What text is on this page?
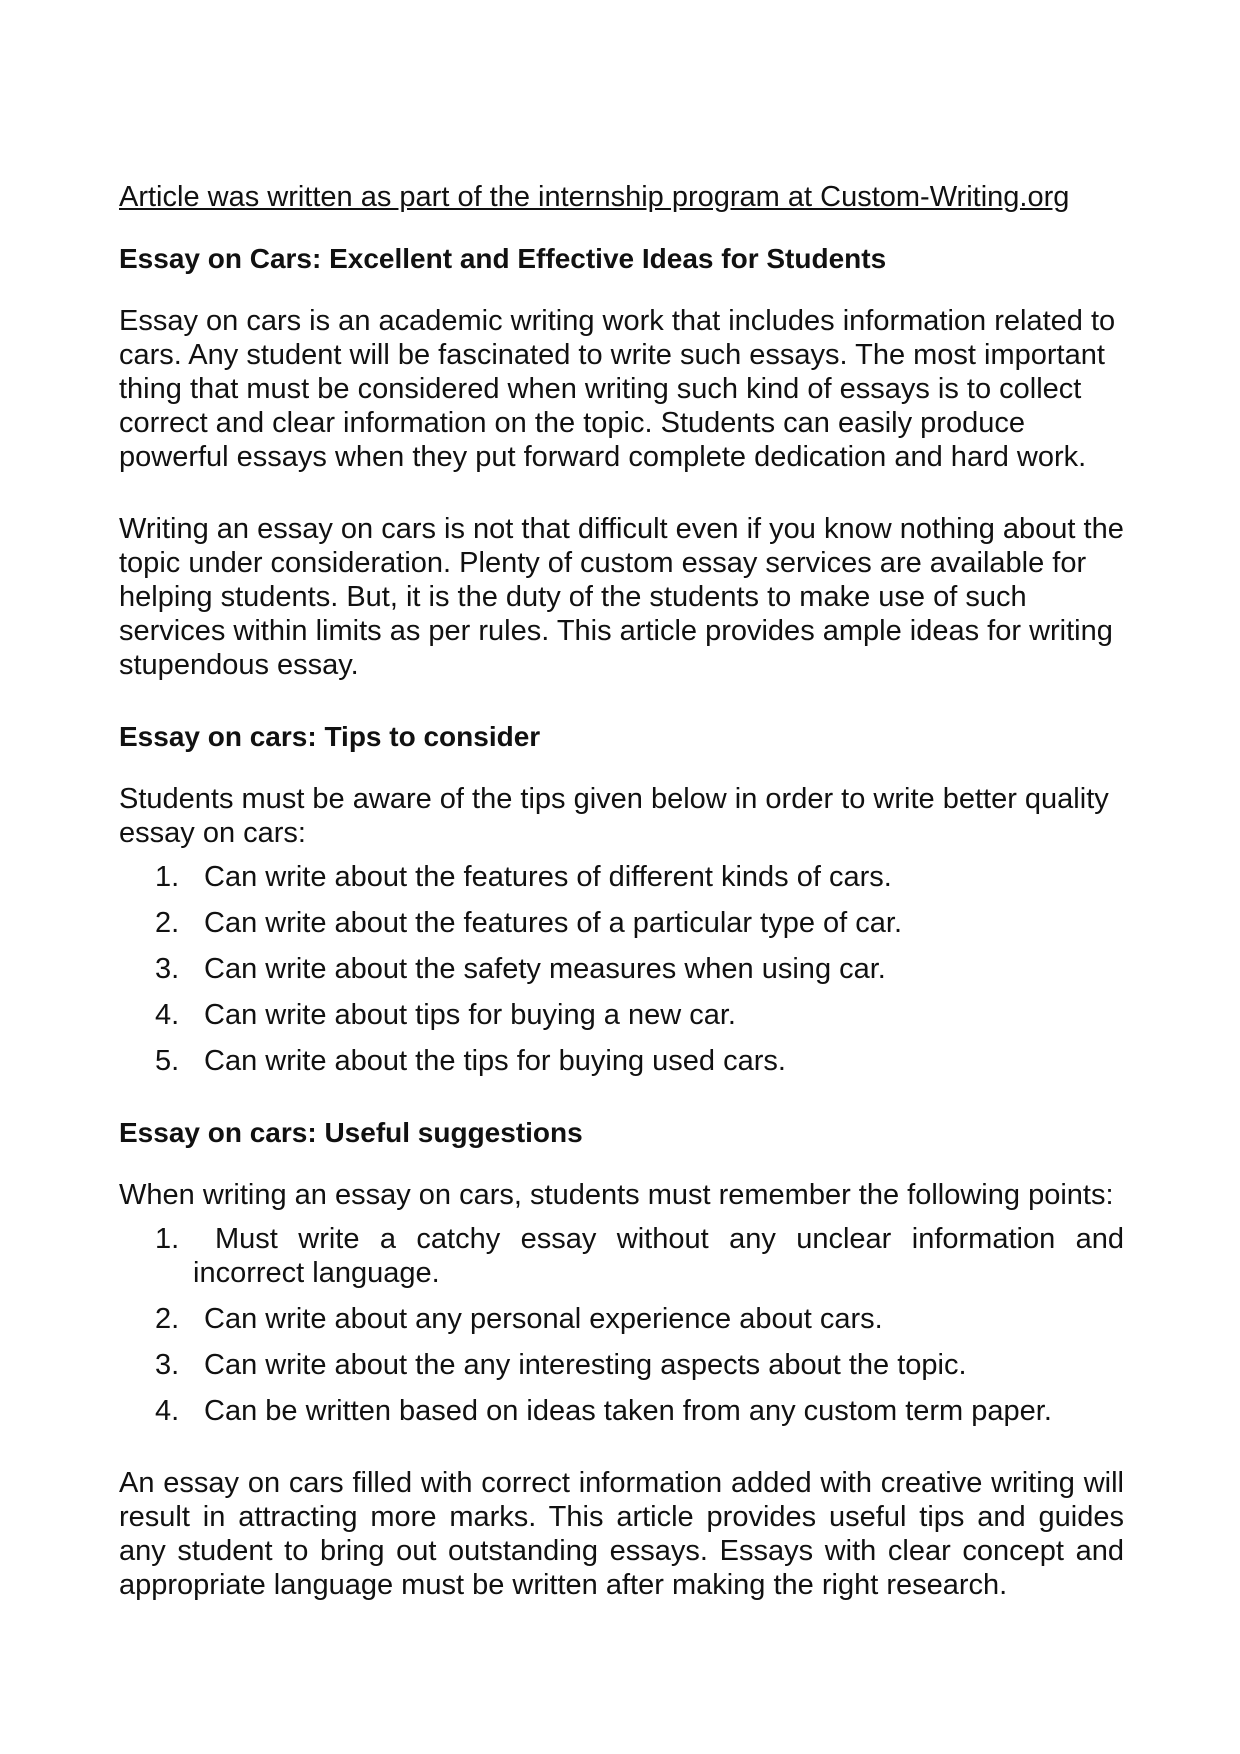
Article was written as part of the internship program at Custom-Writing.org
Essay on Cars: Excellent and Effective Ideas for Students

Essay on cars is an academic writing work that includes information related to cars. Any student will be fascinated to write such essays. The most important thing that must be considered when writing such kind of essays is to collect correct and clear information on the topic. Students can easily produce powerful essays when they put forward complete dedication and hard work.

Writing an essay on cars is not that difficult even if you know nothing about the topic under consideration. Plenty of custom essay services are available for helping students. But, it is the duty of the students to make use of such services within limits as per rules. This article provides ample ideas for writing stupendous essay.

Essay on cars: Tips to consider

Students must be aware of the tips given below in order to write better quality essay on cars:

1. Can write about the features of different kinds of cars.
2. Can write about the features of a particular type of car.
3. Can write about the safety measures when using car.
4. Can write about tips for buying a new car.
5. Can write about the tips for buying used cars.
Essay on cars: Useful suggestions

When writing an essay on cars, students must remember the following points:

1.	Must write a catchy essay without any unclear information and incorrect language.
2. Can write about any personal experience about cars.
3. Can write about the any interesting aspects about the topic.
4. Can be written based on ideas taken from any custom term paper.

An essay on cars filled with correct information added with creative writing will result in attracting more marks. This article provides useful tips and guides any student to bring out outstanding essays. Essays with clear concept and appropriate language must be written after making the right research.
